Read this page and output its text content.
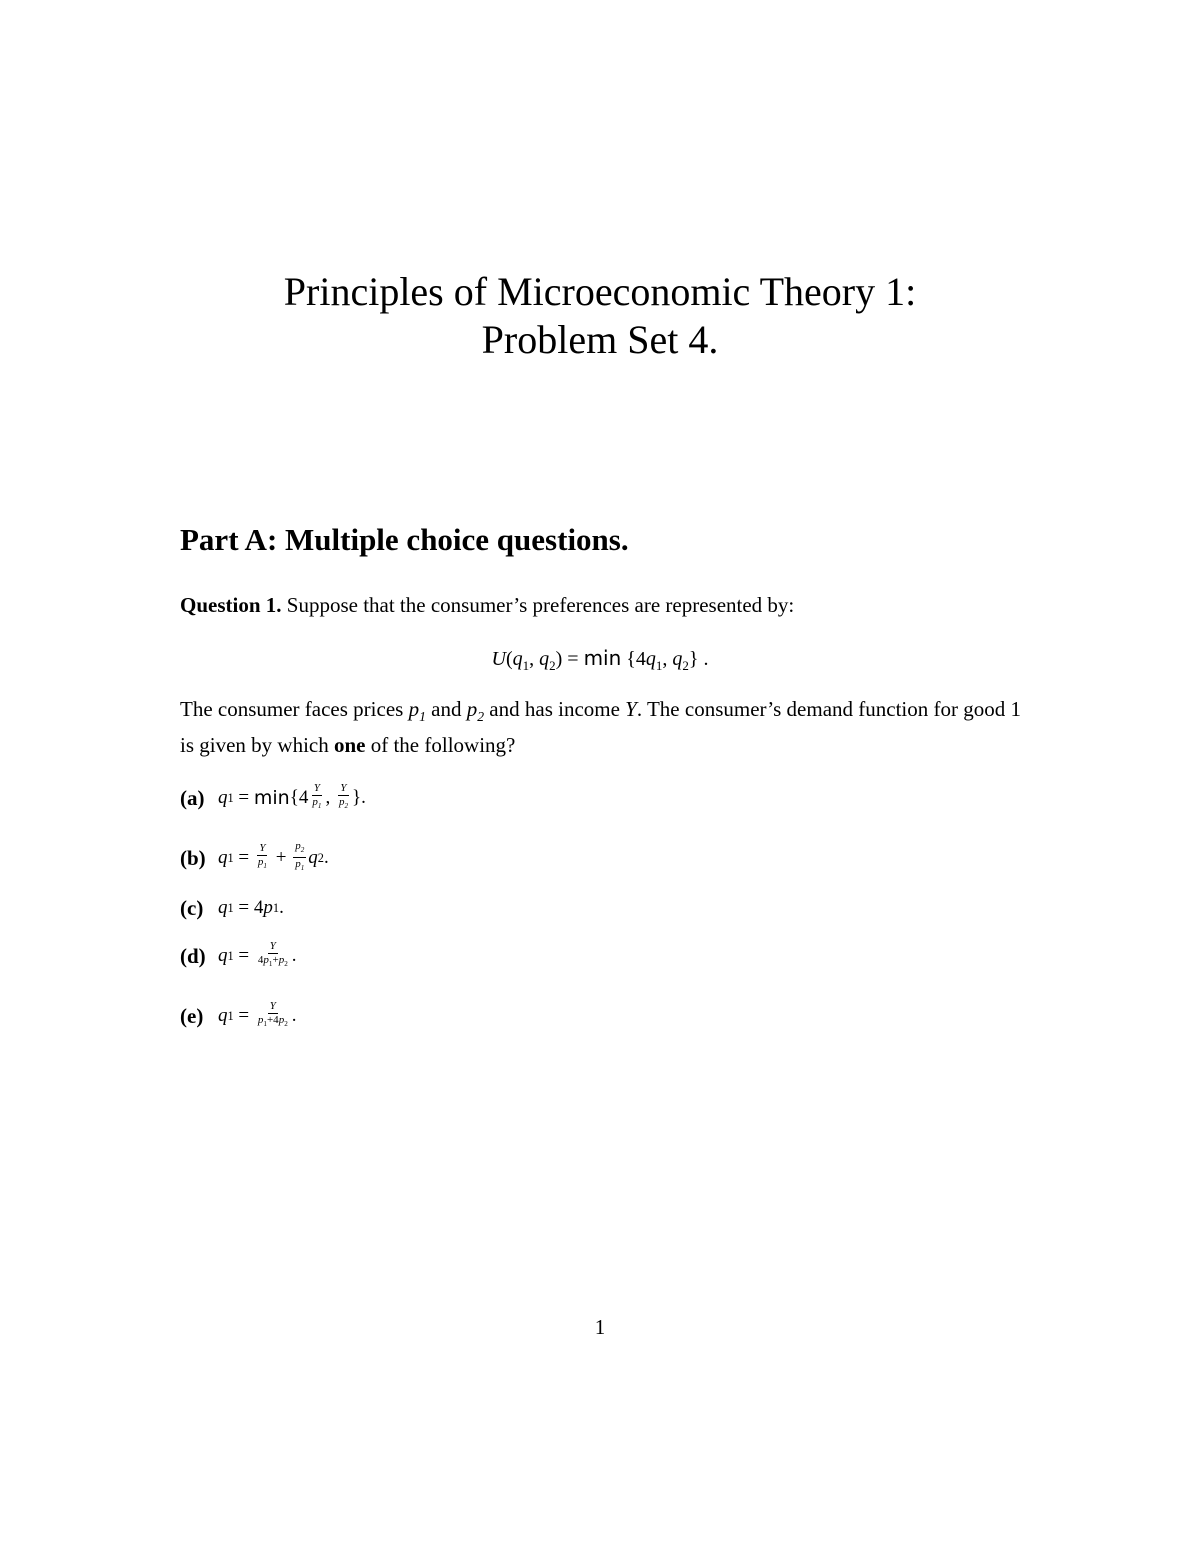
Principles of Microeconomic Theory 1:
Problem Set 4.
Part A: Multiple choice questions.
Question 1. Suppose that the consumer’s preferences are represented by:
$U(q_1$, $q_2) = \min \{4q_1$, $q_2$} .
The consumer faces prices $p_1$ and $p_2$ and has income Y. The consumer’s demand function for good 1 is given by which one of the following?
(a) q $1 = \min \{4 \frac{Y}{p_1}$ , $\frac{Y}{p_2}$ }.
(b) q $1 = \frac{Y}{p_1} + \frac{p_2}{p_1}$ q 2 .
(c) q 1 = 4 p 1 .
(d) q $1 = \frac{Y}{4p_1+p_2}$ .
(e) q $1 = \frac{Y}{p_1+4p_2}$ .
1
